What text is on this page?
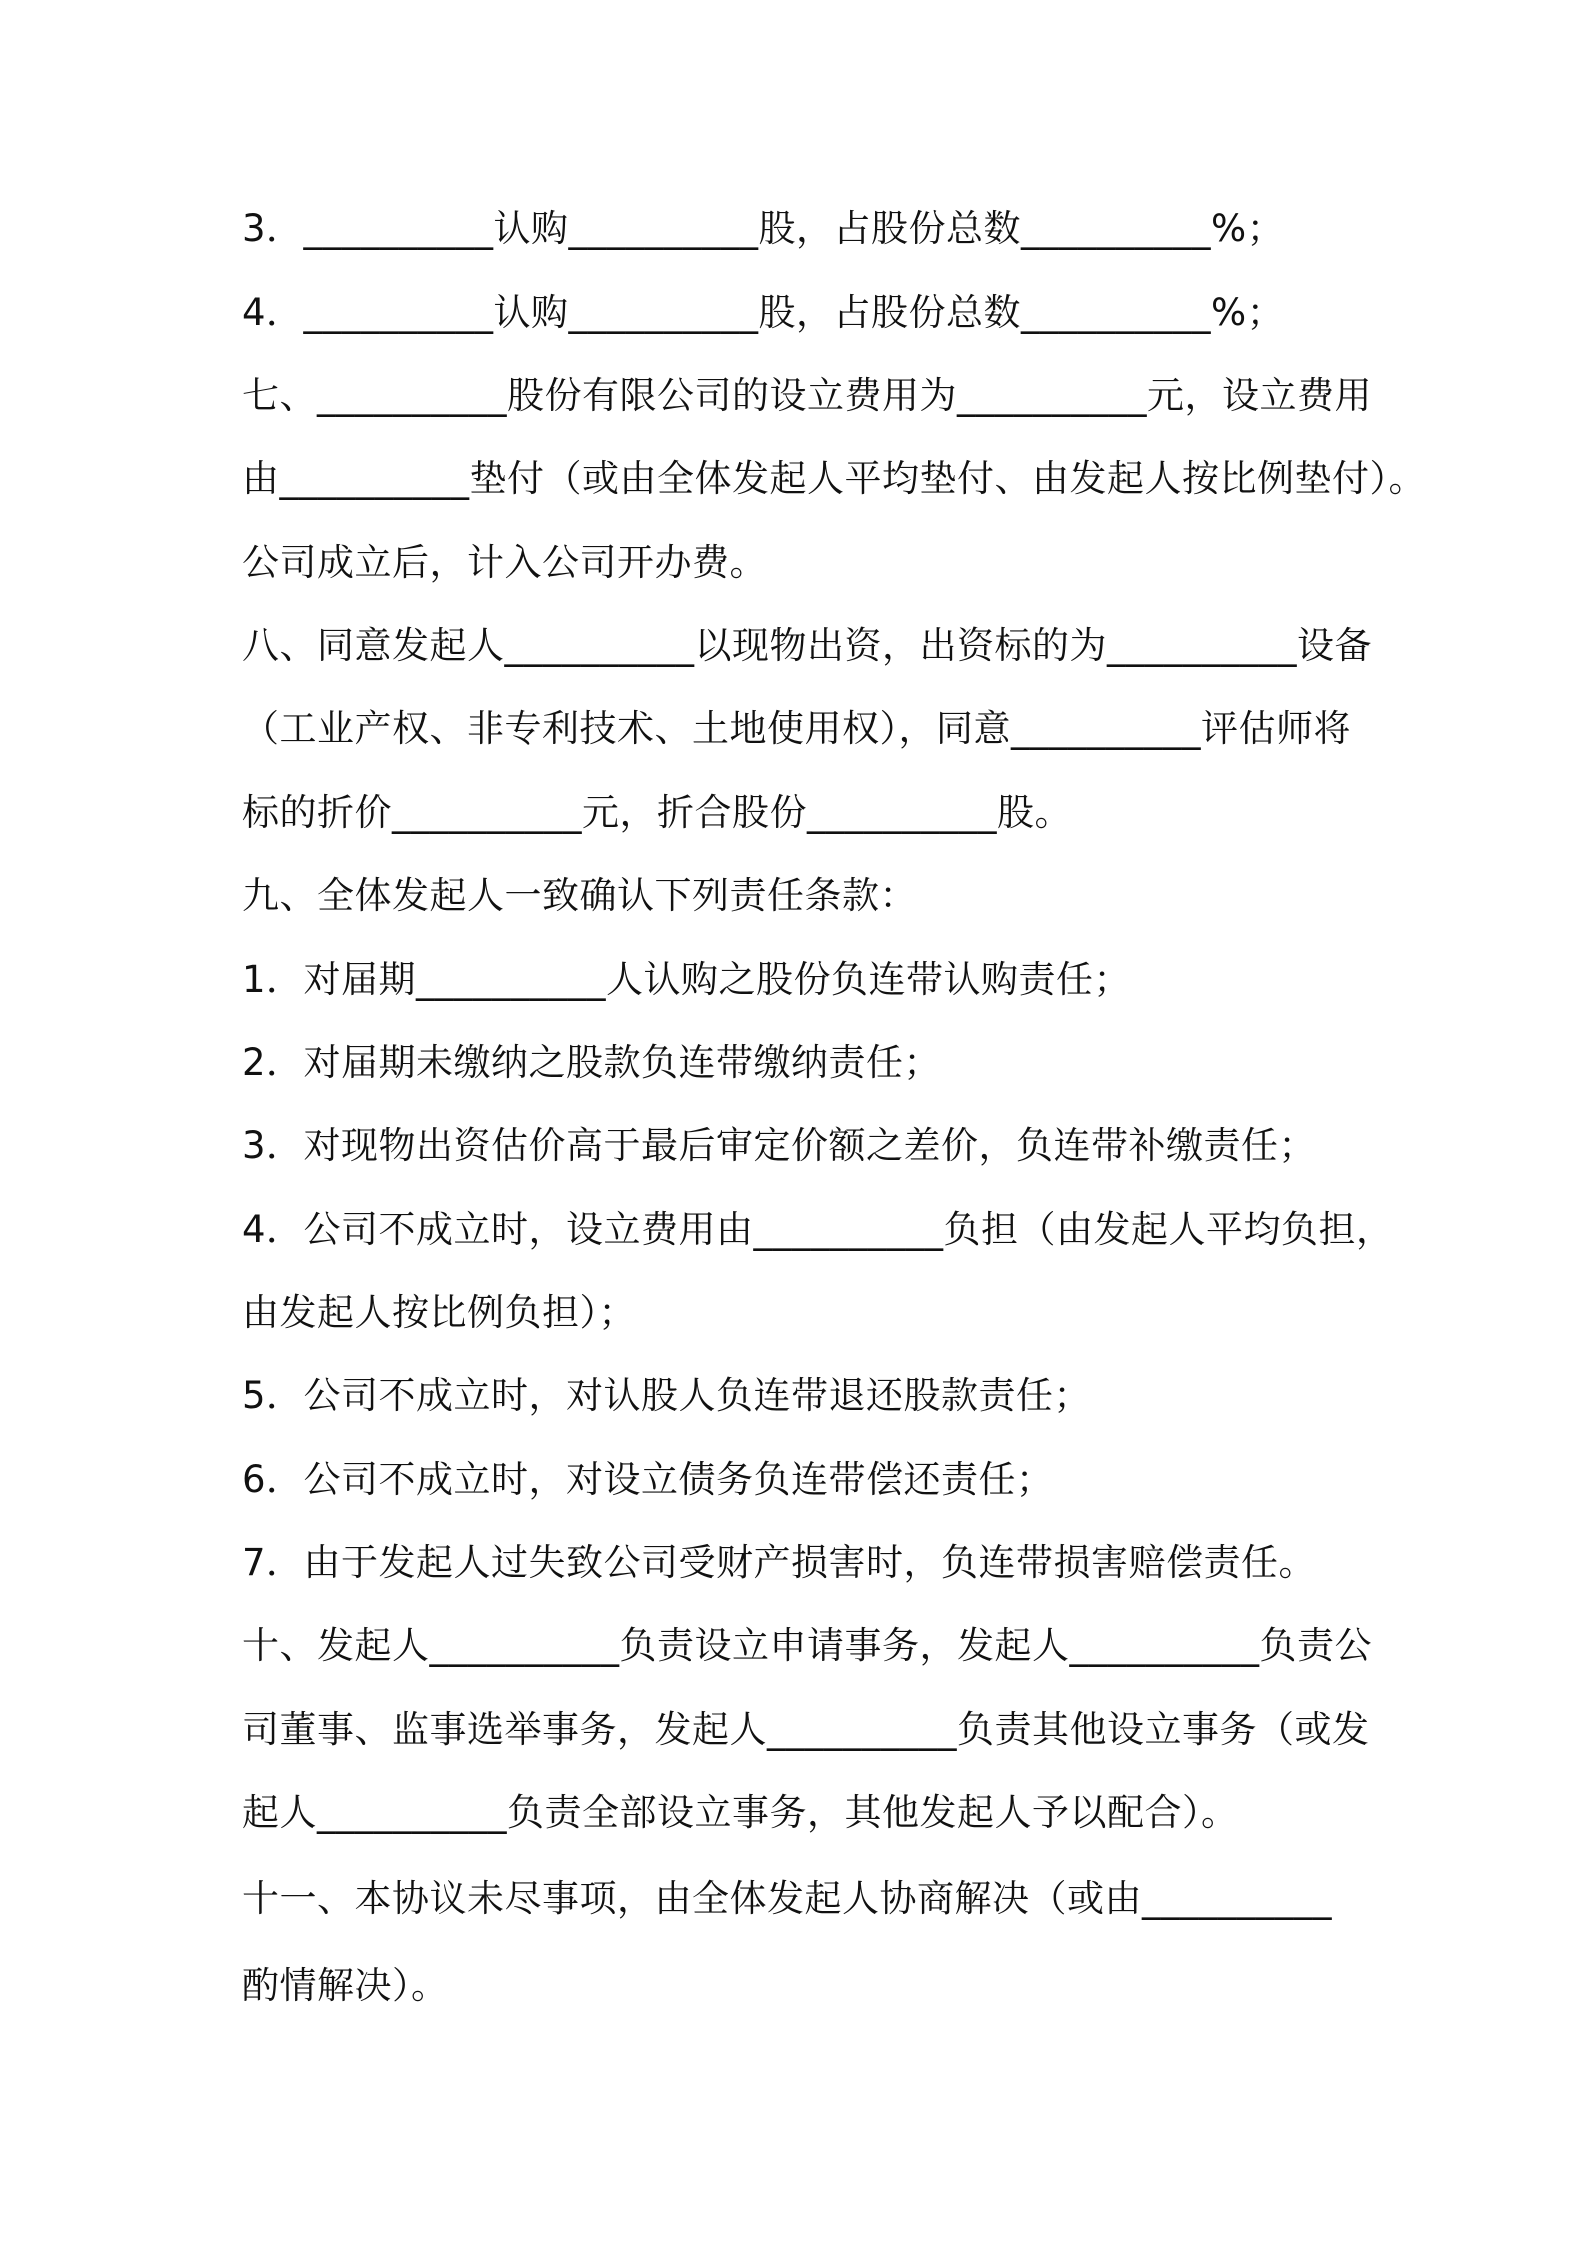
3．__________认购__________股，占股份总数__________%；
4．__________认购__________股，占股份总数__________%；
七、__________股份有限公司的设立费用为__________元，设立费用
由__________垫付（或由全体发起人平均垫付、由发起人按比例垫付）。
公司成立后，计入公司开办费。
八、同意发起人__________以现物出资，出资标的为__________设备
（工业产权、非专利技术、土地使用权），同意__________评估师将
标的折价__________元，折合股份__________股。
九、全体发起人一致确认下列责任条款：
1．对届期__________人认购之股份负连带认购责任；
2．对届期未缴纳之股款负连带缴纳责任；
3．对现物出资估价高于最后审定价额之差价，负连带补缴责任；
4．公司不成立时，设立费用由__________负担（由发起人平均负担，
由发起人按比例负担）；
5．公司不成立时，对认股人负连带退还股款责任；
6．公司不成立时，对设立债务负连带偿还责任；
7．由于发起人过失致公司受财产损害时，负连带损害赔偿责任。
十、发起人__________负责设立申请事务，发起人__________负责公
司董事、监事选举事务，发起人__________负责其他设立事务（或发
起人__________负责全部设立事务，其他发起人予以配合）。
十一、本协议未尽事项，由全体发起人协商解决（或由__________
酌情解决）。
